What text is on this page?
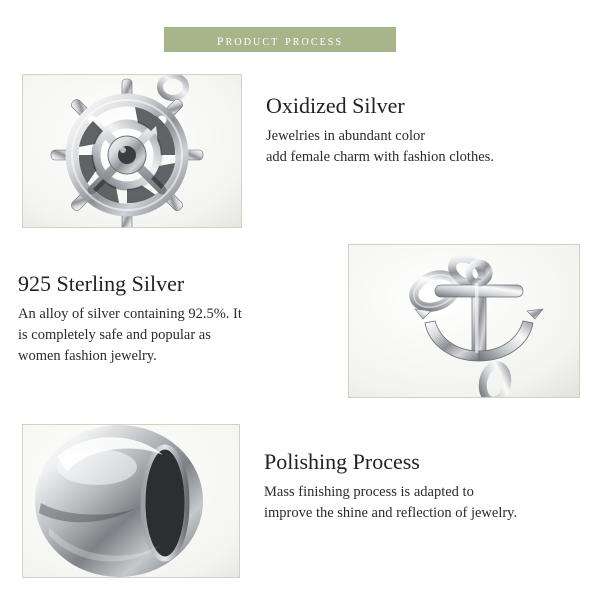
product process
Oxidized Silver
Jewelries in abundant color
add female charm with fashion clothes.
925 Sterling Silver
An alloy of silver containing 92.5%. It
is completely safe and popular as
women fashion jewelry.
Polishing Process
Mass finishing process is adapted to
improve the shine and reflection of jewelry.
